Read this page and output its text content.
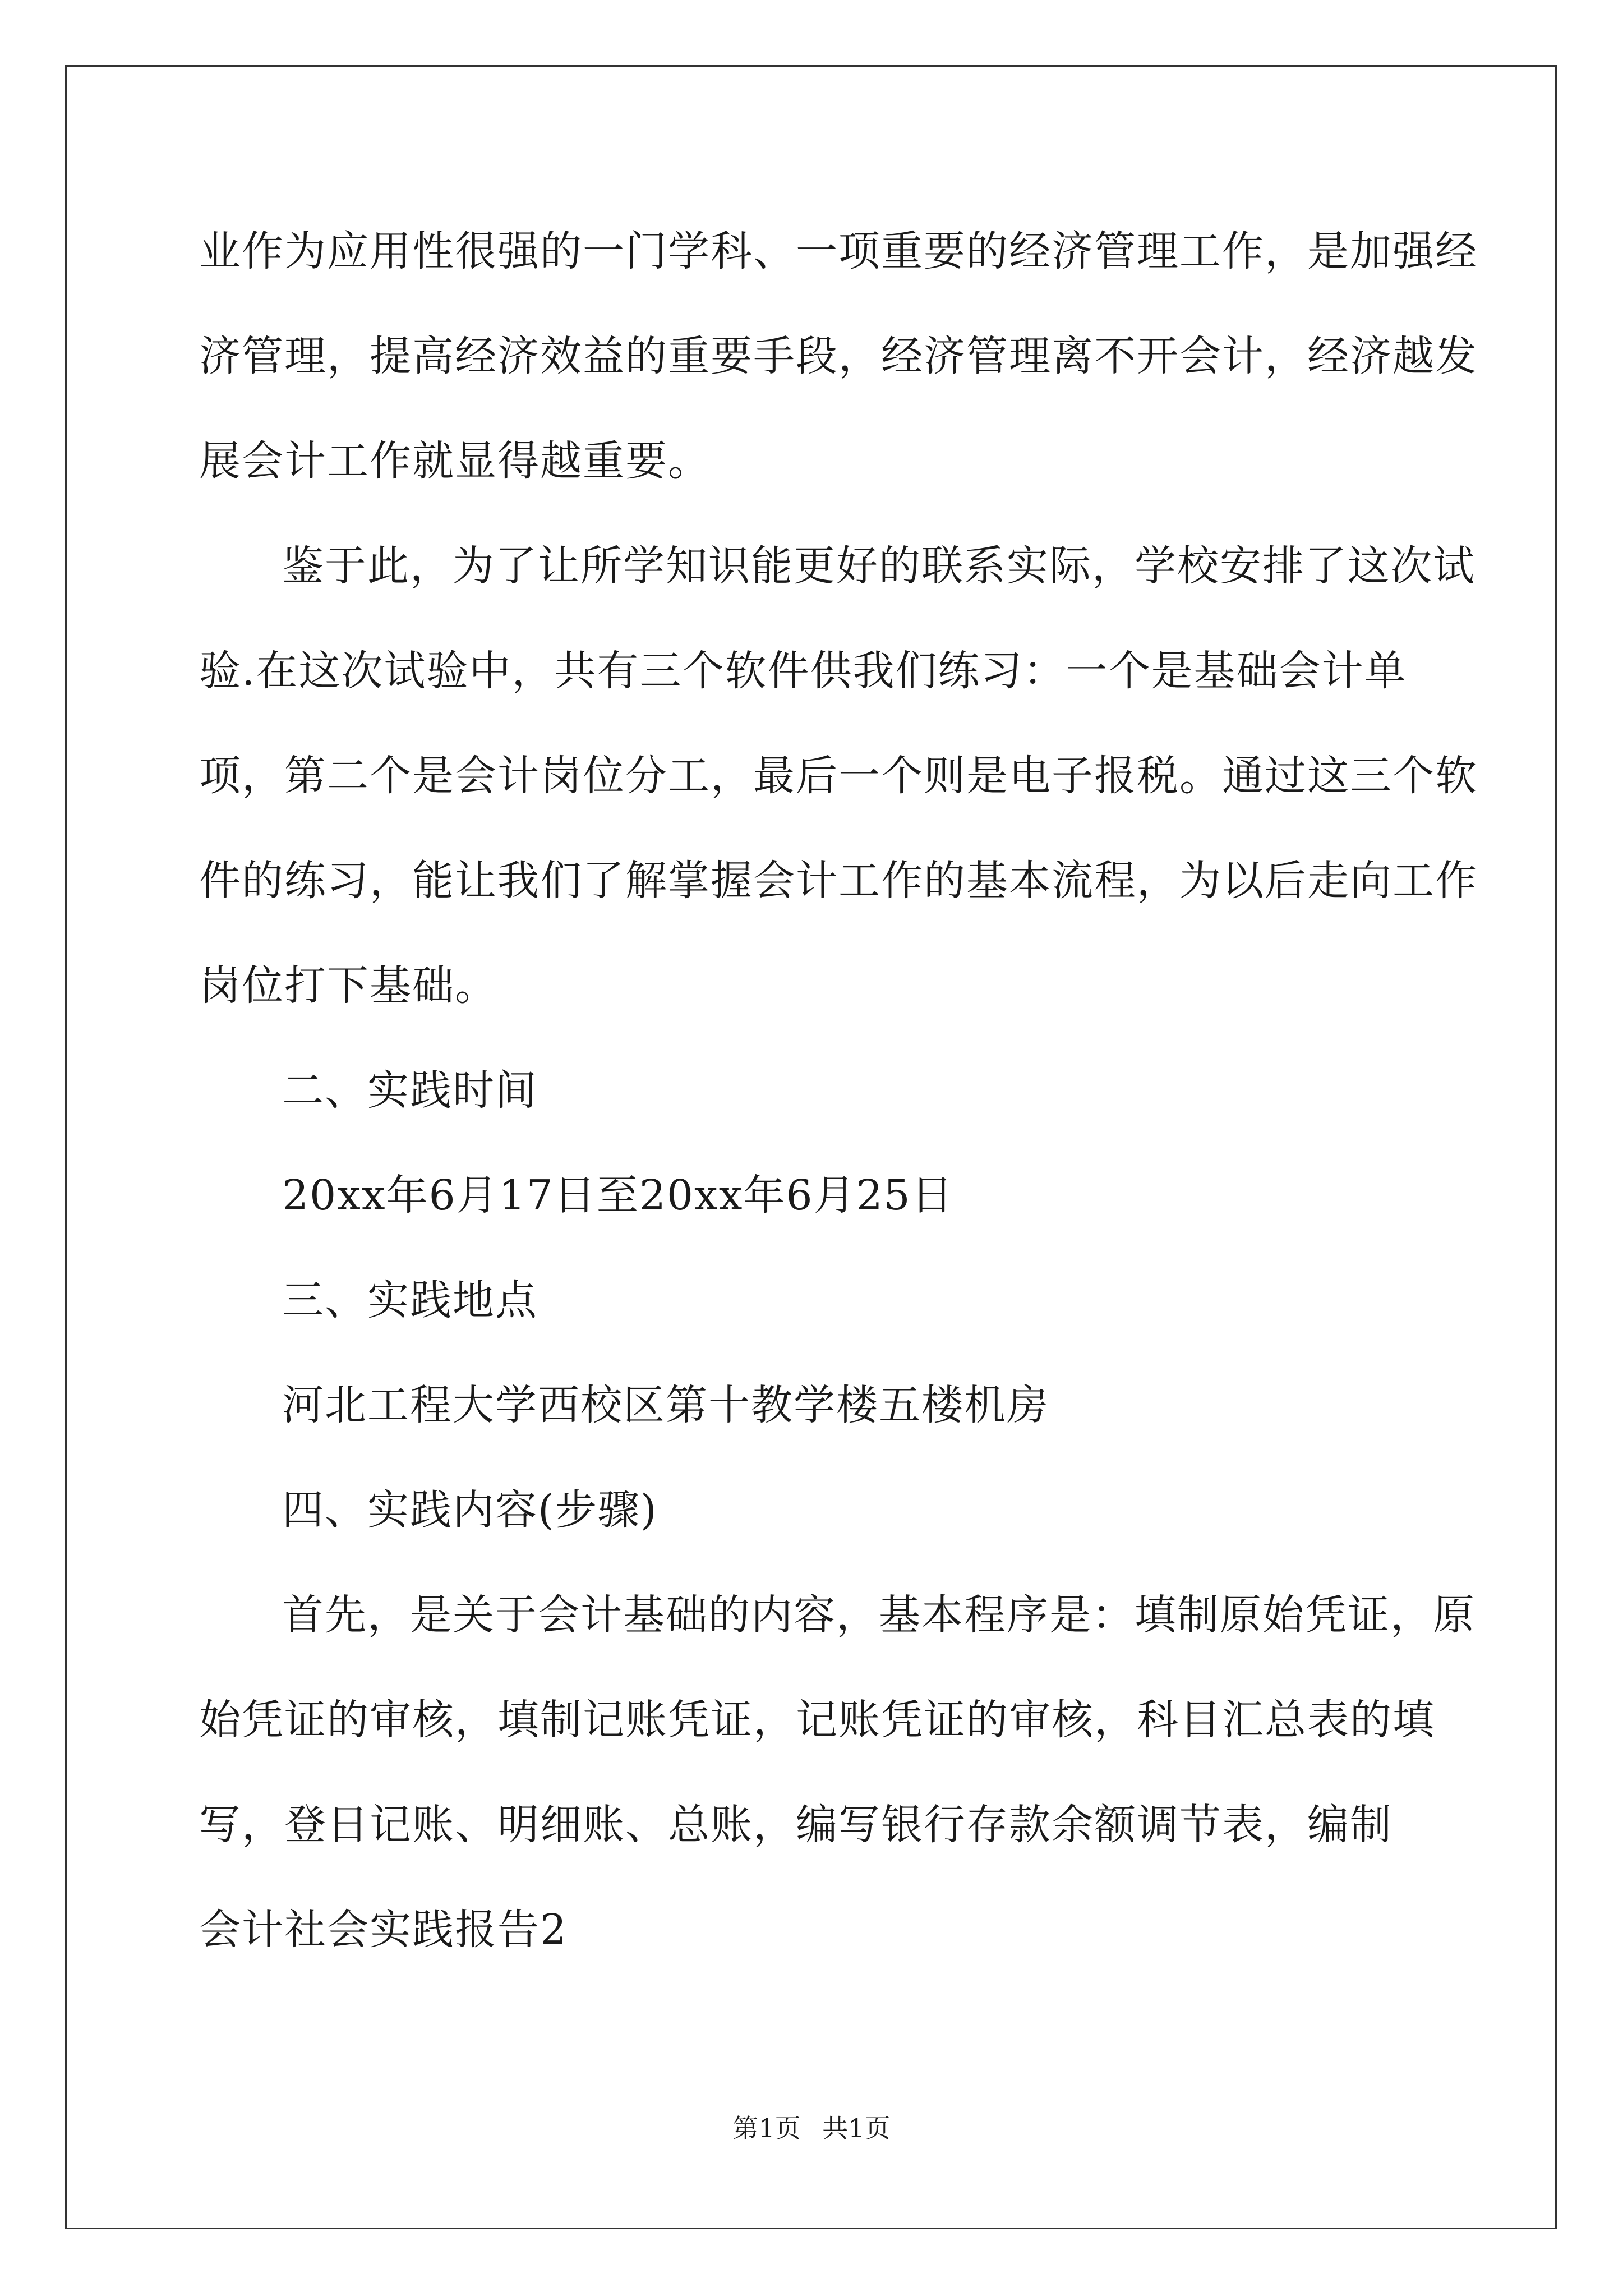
业作为应用性很强的一门学科、一项重要的经济管理工作，是加强经济管理，提高经济效益的重要手段，经济管理离不开会计，经济越发展会计工作就显得越重要。

鉴于此，为了让所学知识能更好的联系实际，学校安排了这次试验.在这次试验中，共有三个软件供我们练习：一个是基础会计单项，第二个是会计岗位分工，最后一个则是电子报税。通过这三个软件的练习，能让我们了解掌握会计工作的基本流程，为以后走向工作岗位打下基础。

二、实践时间

20xx年6月17日至20xx年6月25日

三、实践地点

河北工程大学西校区第十教学楼五楼机房

四、实践内容(步骤)

首先，是关于会计基础的内容，基本程序是：填制原始凭证，原始凭证的审核，填制记账凭证，记账凭证的审核，科目汇总表的填写，登日记账、明细账、总账，编写银行存款余额调节表，编制

会计社会实践报告2

第1页 共1页
